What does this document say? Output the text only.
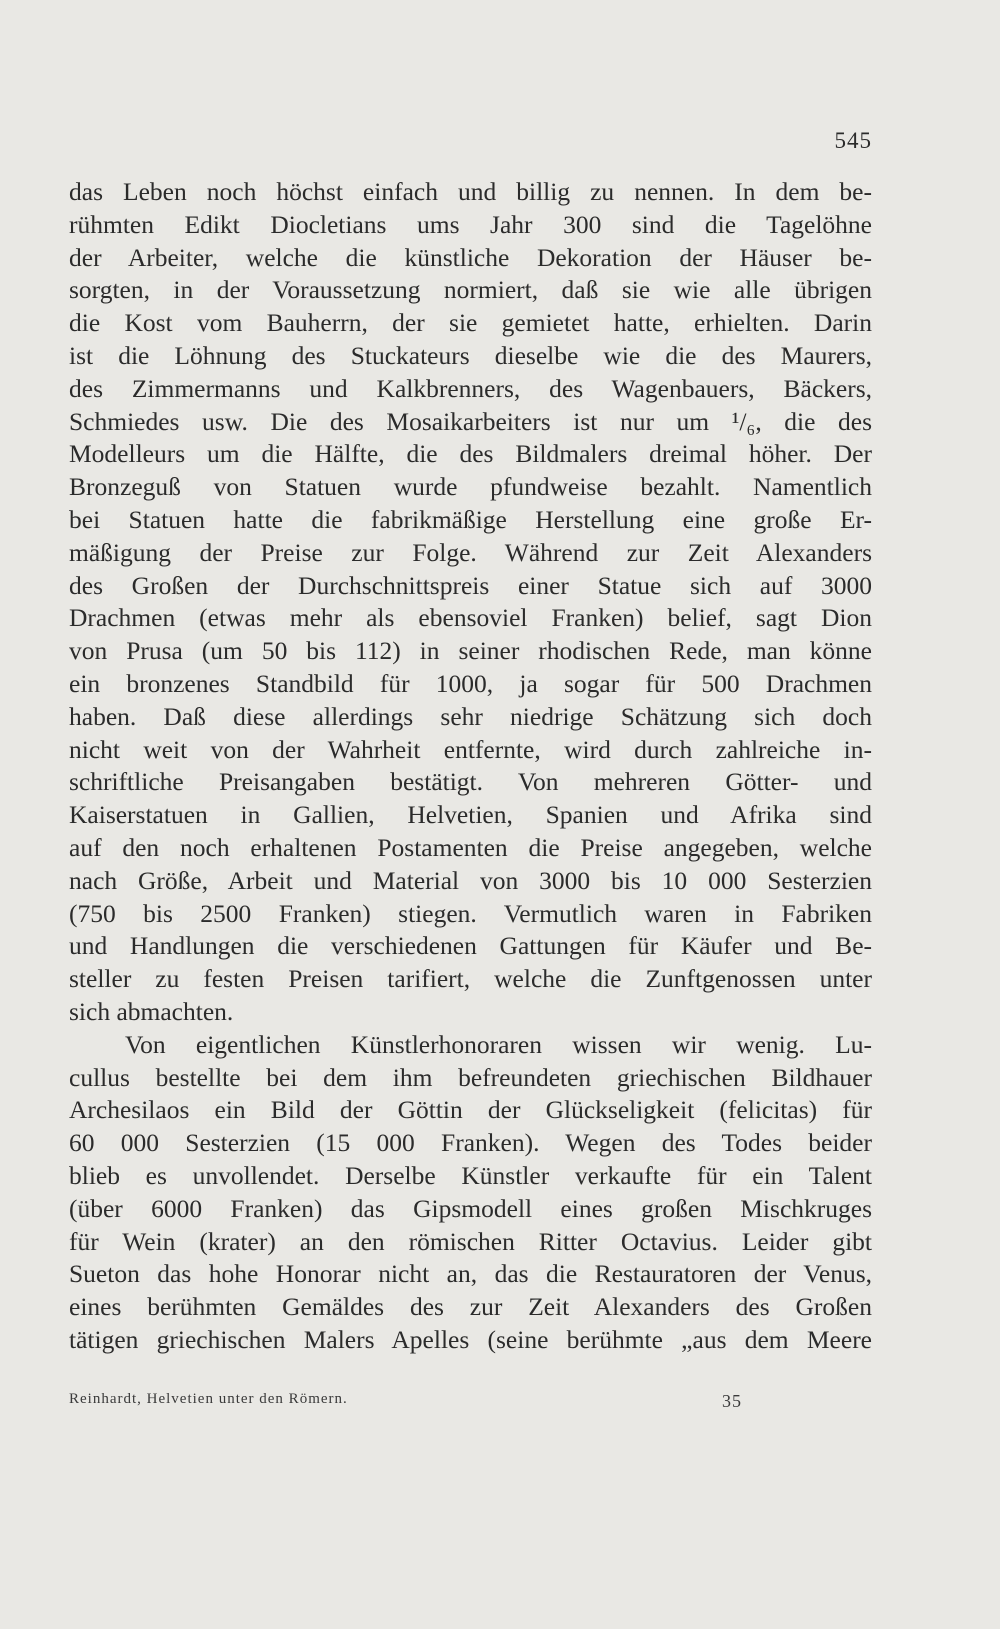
545
das Leben noch höchst einfach und billig zu nennen. In dem be-
rühmten Edikt Diocletians ums Jahr 300 sind die Tagelöhne
der Arbeiter, welche die künstliche Dekoration der Häuser be-
sorgten, in der Voraussetzung normiert, daß sie wie alle übrigen
die Kost vom Bauherrn, der sie gemietet hatte, erhielten. Darin
ist die Löhnung des Stuckateurs dieselbe wie die des Maurers,
des Zimmermanns und Kalkbrenners, des Wagenbauers, Bäckers,
Schmiedes usw. Die des Mosaikarbeiters ist nur um ¹/₆, die des
Modelleurs um die Hälfte, die des Bildmalers dreimal höher. Der
Bronzeguß von Statuen wurde pfundweise bezahlt. Namentlich
bei Statuen hatte die fabrikmäßige Herstellung eine große Er-
mäßigung der Preise zur Folge. Während zur Zeit Alexanders
des Großen der Durchschnittspreis einer Statue sich auf 3000
Drachmen (etwas mehr als ebensoviel Franken) belief, sagt Dion
von Prusa (um 50 bis 112) in seiner rhodischen Rede, man könne
ein bronzenes Standbild für 1000, ja sogar für 500 Drachmen
haben. Daß diese allerdings sehr niedrige Schätzung sich doch
nicht weit von der Wahrheit entfernte, wird durch zahlreiche in-
schriftliche Preisangaben bestätigt. Von mehreren Götter- und
Kaiserstatuen in Gallien, Helvetien, Spanien und Afrika sind
auf den noch erhaltenen Postamenten die Preise angegeben, welche
nach Größe, Arbeit und Material von 3000 bis 10 000 Sesterzien
(750 bis 2500 Franken) stiegen. Vermutlich waren in Fabriken
und Handlungen die verschiedenen Gattungen für Käufer und Be-
steller zu festen Preisen tarifiert, welche die Zunftgenossen unter
sich abmachten.
Von eigentlichen Künstlerhonoraren wissen wir wenig. Lu-
cullus bestellte bei dem ihm befreundeten griechischen Bildhauer
Archesilaos ein Bild der Göttin der Glückseligkeit (felicitas) für
60 000 Sesterzien (15 000 Franken). Wegen des Todes beider
blieb es unvollendet. Derselbe Künstler verkaufte für ein Talent
(über 6000 Franken) das Gipsmodell eines großen Mischkruges
für Wein (krater) an den römischen Ritter Octavius. Leider gibt
Sueton das hohe Honorar nicht an, das die Restauratoren der Venus,
eines berühmten Gemäldes des zur Zeit Alexanders des Großen
tätigen griechischen Malers Apelles (seine berühmte „aus dem Meere
Reinhardt, Helvetien unter den Römern.	35
